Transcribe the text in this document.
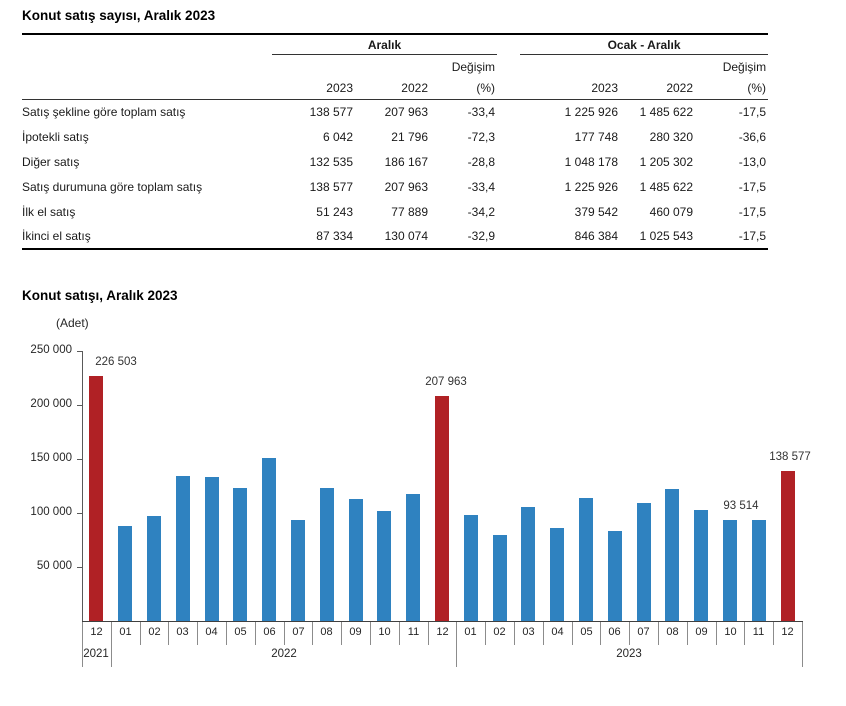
Konut satış sayısı, Aralık 2023

	Aralık			Ocak - Aralık		

			Değişim			Değişim
	2023	2022	(%)	2023	2022	(%)
Satış şekline göre toplam satış	138 577	207 963	-33,4	1 225 926	1 485 622	-17,5
İpotekli satış	6 042	21 796	-72,3	177 748	280 320	-36,6
Diğer satış	132 535	186 167	-28,8	1 048 178	1 205 302	-13,0
Satış durumuna göre toplam satış	138 577	207 963	-33,4	1 225 926	1 485 622	-17,5
İlk el satış	51 243	77 889	-34,2	379 542	460 079	-17,5
İkinci el satış	87 334	130 074	-32,9	846 384	1 025 543	-17,5
Konut satışı, Aralık 2023
(Adet)
250 000
200 000
150 000
100 000
50 000
226 503
207 963
93 514
138 577
12	01	02	03	04	05	06	07	08	09	10	11	12	01	02	03	04	05	06	07	08	09	10	11	12
2021	2022	2023
